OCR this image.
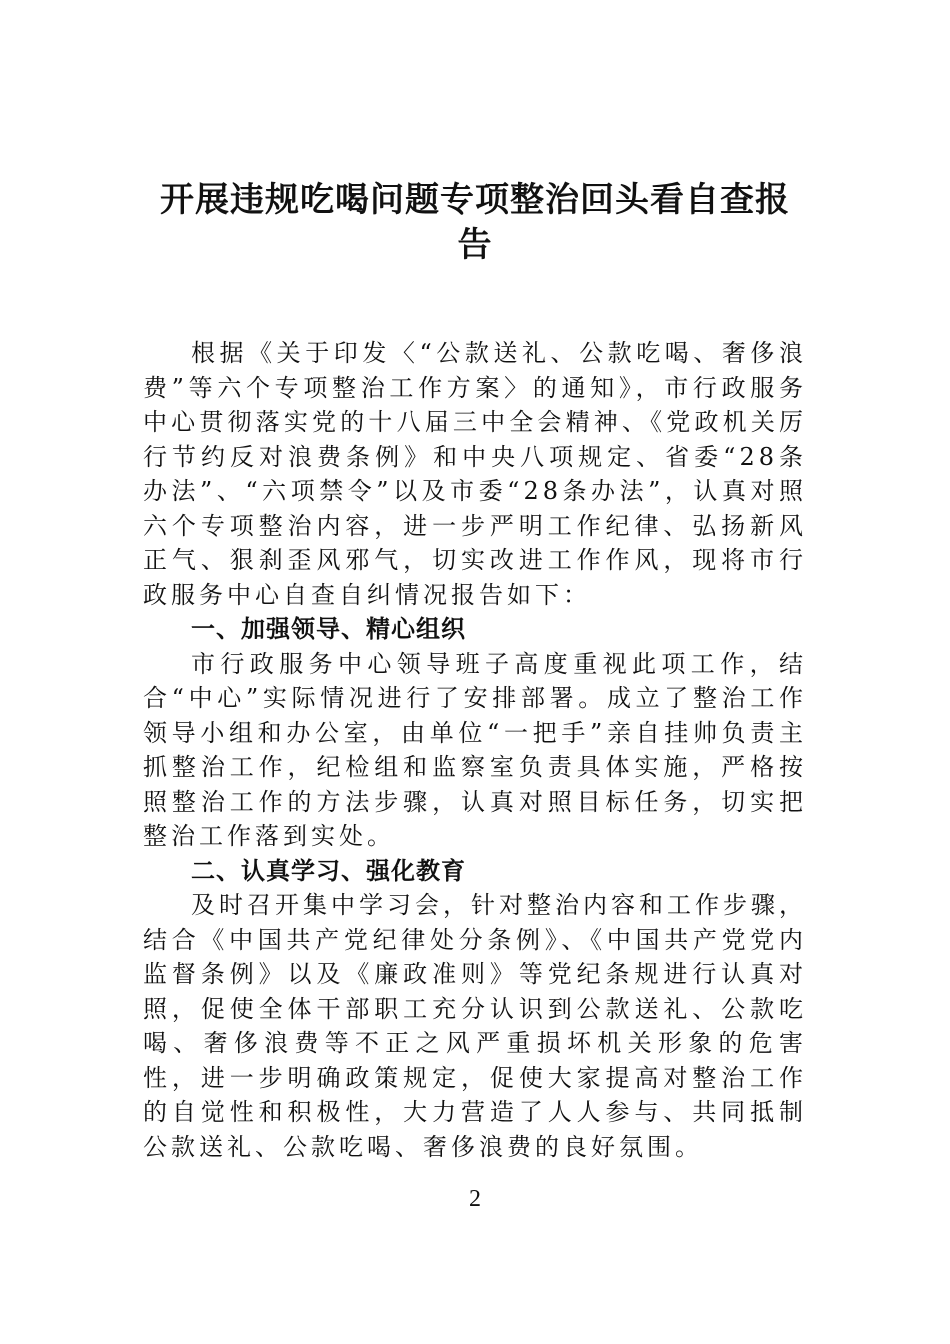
开展违规吃喝问题专项整治回头看自查报
告

根据《关于印发〈“公款送礼、公款吃喝、奢侈浪费”等六个专项整治工作方案〉的通知》，市行政服务中心贯彻落实党的十八届三中全会精神、《党政机关厉行节约反对浪费条例》和中央八项规定、省委“28条办法”、“六项禁令”以及市委“28条办法”，认真对照六个专项整治内容，进一步严明工作纪律、弘扬新风正气、狠刹歪风邪气，切实改进工作作风，现将市行政服务中心自查自纠情况报告如下：

一、加强领导、精心组织

市行政服务中心领导班子高度重视此项工作，结合“中心”实际情况进行了安排部署。成立了整治工作领导小组和办公室，由单位“一把手”亲自挂帅负责主抓整治工作，纪检组和监察室负责具体实施，严格按照整治工作的方法步骤，认真对照目标任务，切实把整治工作落到实处。

二、认真学习、强化教育

及时召开集中学习会，针对整治内容和工作步骤，结合《中国共产党纪律处分条例》、《中国共产党党内监督条例》以及《廉政准则》等党纪条规进行认真对照，促使全体干部职工充分认识到公款送礼、公款吃喝、奢侈浪费等不正之风严重损坏机关形象的危害性，进一步明确政策规定，促使大家提高对整治工作的自觉性和积极性，大力营造了人人参与、共同抵制公款送礼、公款吃喝、奢侈浪费的良好氛围。

2
